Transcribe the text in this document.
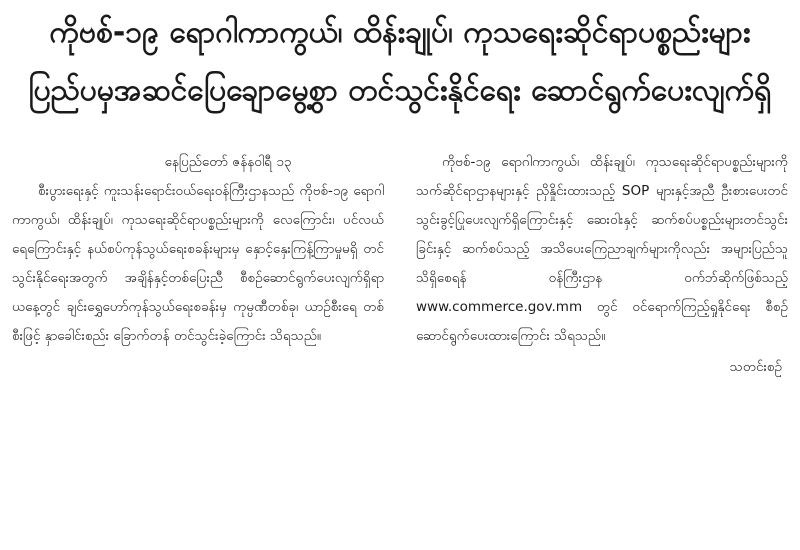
ကိုဗစ်-၁၉ ရောဂါကာကွယ်၊ ထိန်းချုပ်၊ ကုသရေးဆိုင်ရာပစ္စည်းများ
ပြည်ပမှအဆင်ပြေချောမွေ့စွာ တင်သွင်းနိုင်ရေး ဆောင်ရွက်ပေးလျက်ရှိ
နေပြည်တော် ဇန်နဝါရီ ၁၃

စီးပွားရေးနှင့် ကူးသန်းရောင်းဝယ်ရေးဝန်ကြီးဌာနသည် ကိုဗစ်-၁၉ ရောဂါကာကွယ်၊ ထိန်းချုပ်၊ ကုသရေးဆိုင်ရာပစ္စည်းများကို လေကြောင်း၊ ပင်လယ်ရေကြောင်းနှင့် နယ်စပ်ကုန်သွယ်ရေးစခန်းများမှ နှောင့်နှေးကြန့်ကြာမှုမရှိ တင်သွင်းနိုင်ရေးအတွက် အချိန်နှင့်တစ်ပြေးညီ စီစဉ်ဆောင်ရွက်ပေးလျက်ရှိရာ ယနေ့တွင် ချင်းရွှေဟော်ကုန်သွယ်ရေးစခန်းမှ ကုမ္ပဏီတစ်ခု၊ ယာဉ်စီးရေ တစ်စီးဖြင့် နှာခေါင်းစည်း ခြောက်တန် တင်သွင်းခဲ့ကြောင်း သိရသည်။

ကိုဗစ်-၁၉ ရောဂါကာကွယ်၊ ထိန်းချုပ်၊ ကုသရေးဆိုင်ရာပစ္စည်းများကို သက်ဆိုင်ရာဌာနများနှင့် ညှိနှိုင်းထားသည့် SOP များနှင့်အညီ ဦးစားပေးတင်သွင်းခွင့်ပြုပေးလျက်ရှိကြောင်းနှင့် ဆေးဝါးနှင့် ဆက်စပ်ပစ္စည်းများတင်သွင်းခြင်းနှင့် ဆက်စပ်သည့် အသိပေးကြေညာချက်များကိုလည်း အများပြည်သူသိရှိစေရန် ဝန်ကြီးဌာန ဝက်ဘ်ဆိုက်ဖြစ်သည့် www.commerce.gov.mm တွင် ဝင်ရောက်ကြည့်ရှုနိုင်ရေး စီစဉ်ဆောင်ရွက်ပေးထားကြောင်း သိရသည်။

သတင်းစဉ်
